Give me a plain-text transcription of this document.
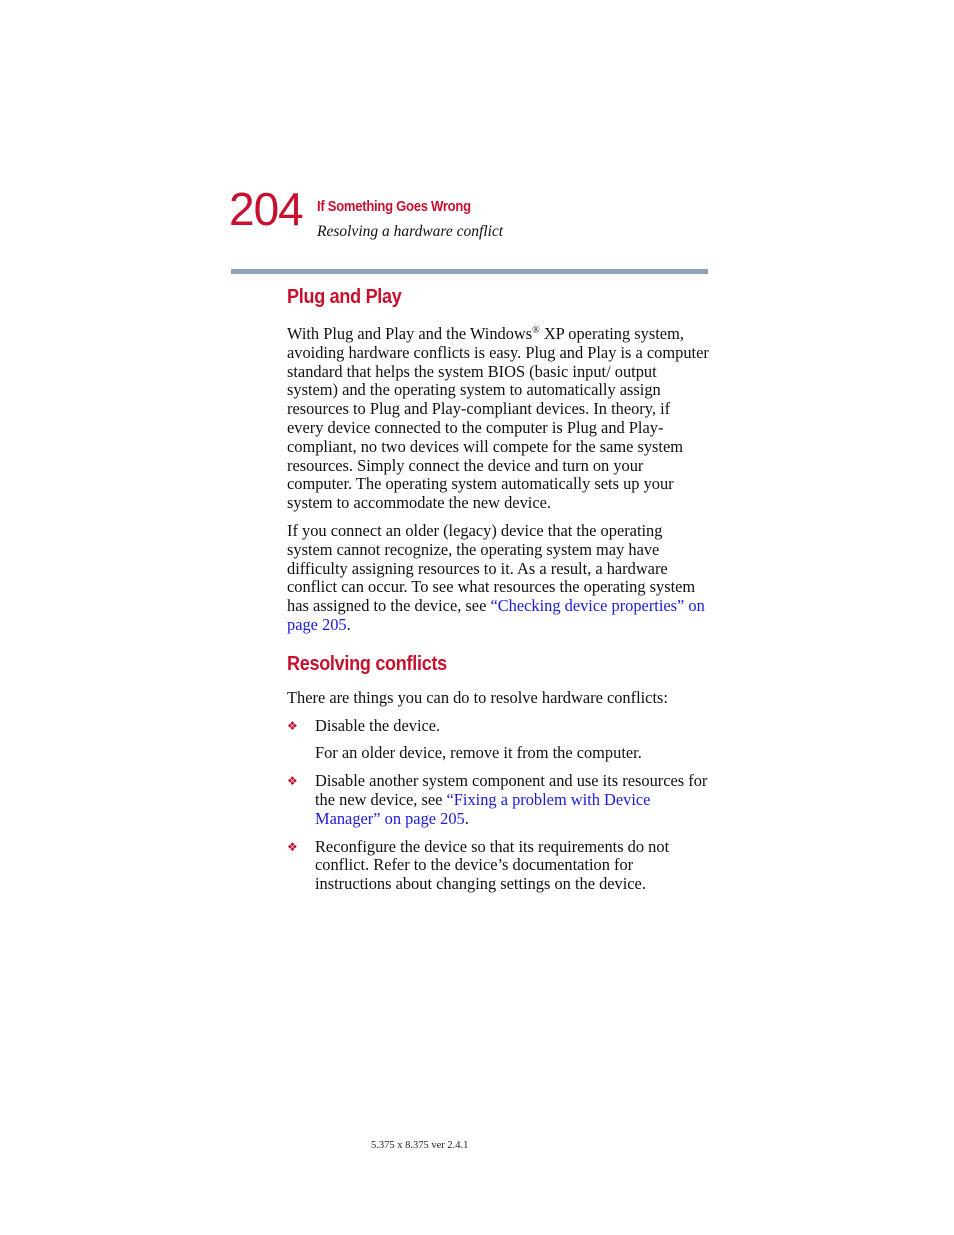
204 If Something Goes Wrong
Resolving a hardware conflict
Plug and Play

With Plug and Play and the Windows® XP operating system, avoiding hardware conflicts is easy. Plug and Play is a computer standard that helps the system BIOS (basic input/ output system) and the operating system to automatically assign resources to Plug and Play-compliant devices. In theory, if every device connected to the computer is Plug and Play-compliant, no two devices will compete for the same system resources. Simply connect the device and turn on your computer. The operating system automatically sets up your system to accommodate the new device.

If you connect an older (legacy) device that the operating system cannot recognize, the operating system may have difficulty assigning resources to it. As a result, a hardware conflict can occur. To see what resources the operating system has assigned to the device, see “Checking device properties” on page 205.

Resolving conflicts

There are things you can do to resolve hardware conflicts:

❖ Disable the device.
For an older device, remove it from the computer.
❖ Disable another system component and use its resources for the new device, see “Fixing a problem with Device Manager” on page 205.
❖ Reconfigure the device so that its requirements do not conflict. Refer to the device’s documentation for instructions about changing settings on the device.
5.375 x 8.375 ver 2.4.1
